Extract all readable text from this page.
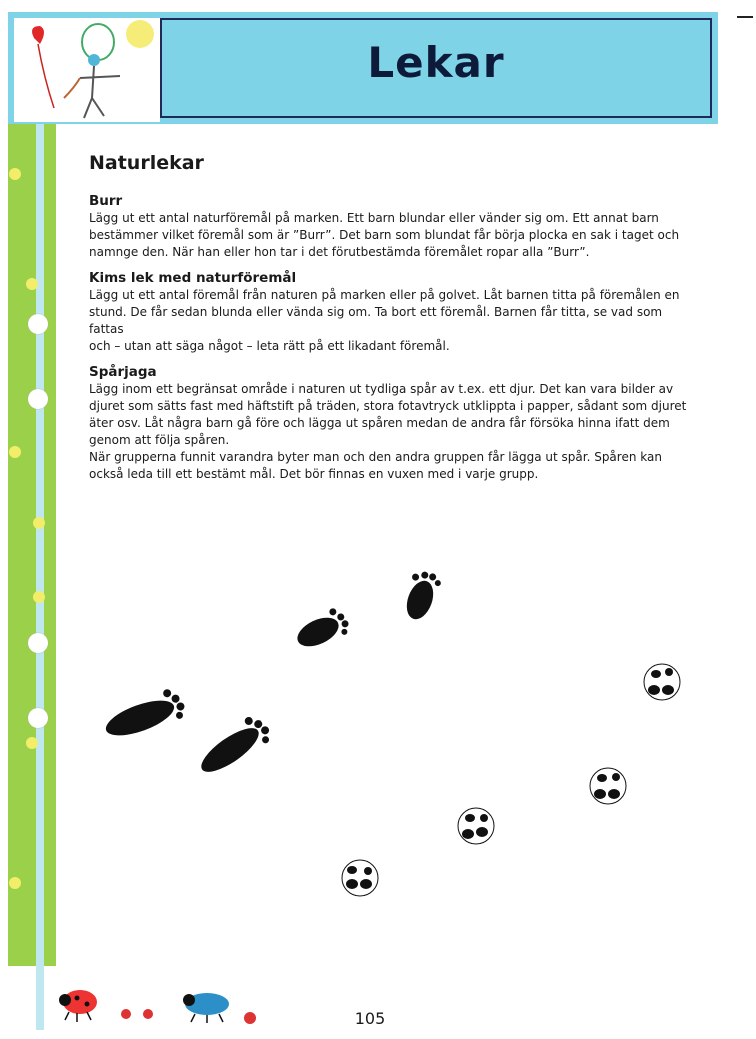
Lekar
Naturlekar

Burr

Lägg ut ett antal naturföremål på marken. Ett barn blundar eller vänder sig om. Ett annat barn
bestämmer vilket föremål som är ”Burr”. Det barn som blundat får börja plocka en sak i taget och
namnge den. När han eller hon tar i det förutbestämda föremålet ropar alla ”Burr”.

Kims lek med naturföremål

Lägg ut ett antal föremål från naturen på marken eller på golvet. Låt barnen titta på föremålen en
stund. De får sedan blunda eller vända sig om. Ta bort ett föremål. Barnen får titta, se vad som fattas
och – utan att säga något – leta rätt på ett likadant föremål.

Spårjaga

Lägg inom ett begränsat område i naturen ut tydliga spår av t.ex. ett djur. Det kan vara bilder av
djuret som sätts fast med häftstift på träden, stora fotavtryck utklippta i papper, sådant som djuret
äter osv. Låt några barn gå före och lägga ut spåren medan de andra får försöka hinna ifatt dem
genom att följa spåren.
När grupperna funnit varandra byter man och den andra gruppen får lägga ut spår. Spåren kan
också leda till ett bestämt mål. Det bör finnas en vuxen med i varje grupp.

105
